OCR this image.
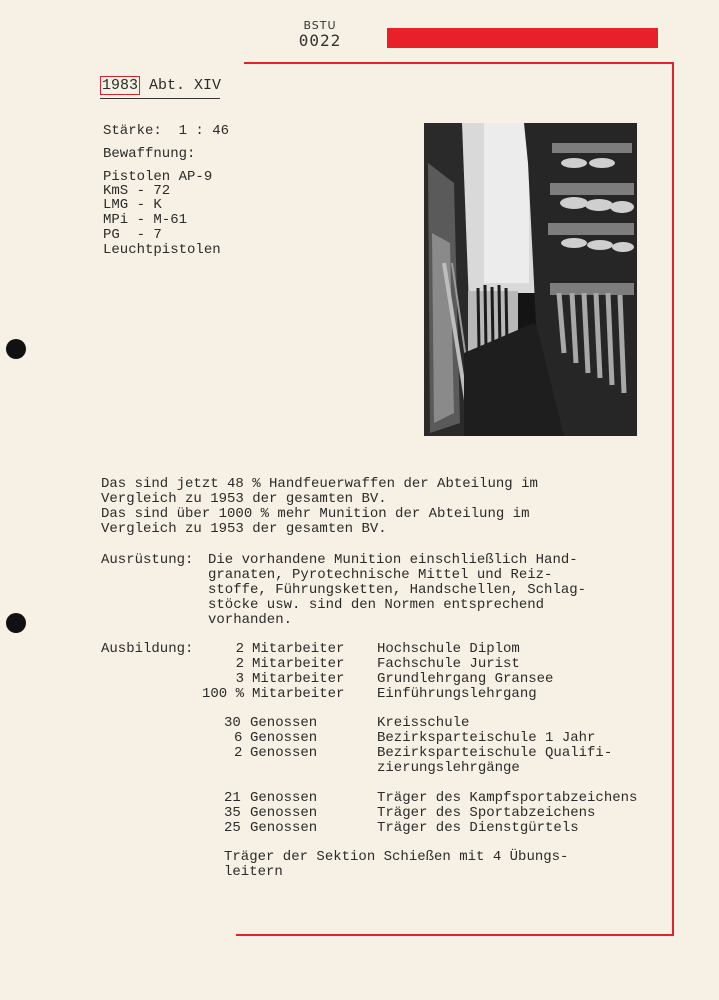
BSTU
0022
1983 Abt. XIV
Stärke: 1 : 46
Bewaffnung:
Pistolen AP-9
KmS - 72
LMG - K
MPi - M-61
PG  - 7
Leuchtpistolen
Das sind jetzt 48 % Handfeuerwaffen der Abteilung im
Vergleich zu 1953 der gesamten BV.
Das sind über 1000 % mehr Munition der Abteilung im
Vergleich zu 1953 der gesamten BV.
Ausrüstung: Die vorhandene Munition einschließlich Hand-
granaten, Pyrotechnische Mittel und Reiz-
stoffe, Führungsketten, Handschellen, Schlag-
stöcke usw. sind den Normen entsprechend
vorhanden.
Ausbildung:	2 Mitarbeiter Hochschule Diplom
2 Mitarbeiter Fachschule Jurist
3 Mitarbeiter Grundlehrgang Gransee
100 % Mitarbeiter Einführungslehrgang
30 Genossen	Kreisschule
6 Genossen	Bezirksparteischule 1 Jahr
2 Genossen	Bezirksparteischule Qualifi-
zierungslehrgänge
21 Genossen	Träger des Kampfsportabzeichens
35 Genossen	Träger des Sportabzeichens
25 Genossen	Träger des Dienstgürtels
Träger der Sektion Schießen mit 4 Übungs-
leitern
